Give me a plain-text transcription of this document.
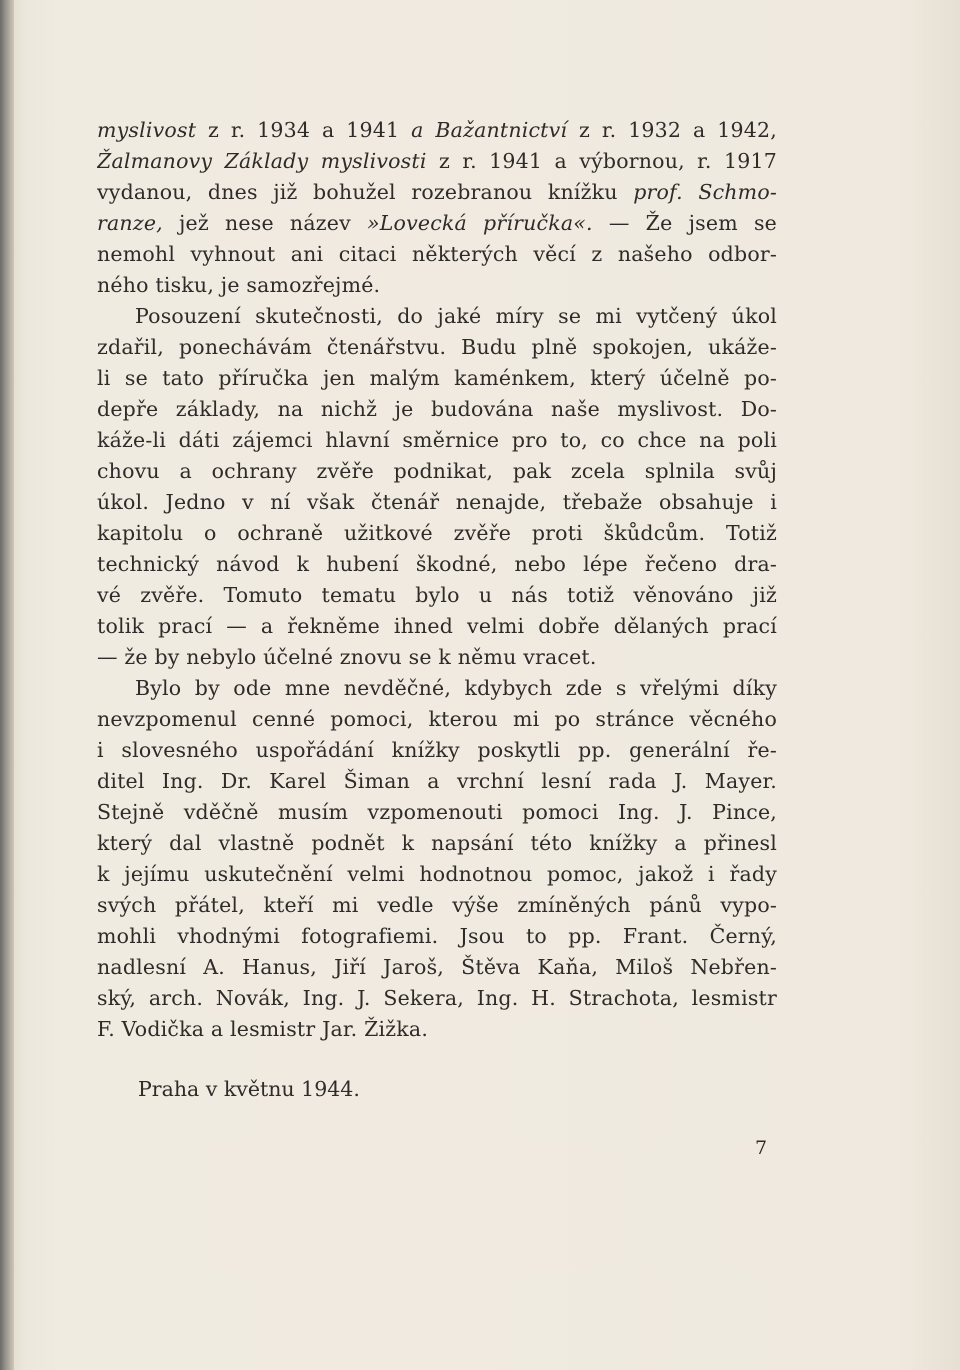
myslivost z r. 1934 a 1941 a Bažantnictví z r. 1932 a 1942,
Žalmanovy Základy myslivosti z r. 1941 a výbornou, r. 1917
vydanou, dnes již bohužel rozebranou knížku prof. Schmo-
ranze, jež nese název »Lovecká příručka«. — Že jsem se
nemohl vyhnout ani citaci některých věcí z našeho odbor-
ného tisku, je samozřejmé.
Posouzení skutečnosti, do jaké míry se mi vytčený úkol
zdařil, ponechávám čtenářstvu. Budu plně spokojen, ukáže-
li se tato příručka jen malým kaménkem, který účelně po-
depře základy, na nichž je budována naše myslivost. Do-
káže-li dáti zájemci hlavní směrnice pro to, co chce na poli
chovu a ochrany zvěře podnikat, pak zcela splnila svůj
úkol. Jedno v ní však čtenář nenajde, třebaže obsahuje i
kapitolu o ochraně užitkové zvěře proti škůdcům. Totiž
technický návod k hubení škodné, nebo lépe řečeno dra-
vé zvěře. Tomuto tematu bylo u nás totiž věnováno již
tolik prací — a řekněme ihned velmi dobře dělaných prací
— že by nebylo účelné znovu se k němu vracet.
Bylo by ode mne nevděčné, kdybych zde s vřelými díky
nevzpomenul cenné pomoci, kterou mi po stránce věcného
i slovesného uspořádání knížky poskytli pp. generální ře-
ditel Ing. Dr. Karel Šiman a vrchní lesní rada J. Mayer.
Stejně vděčně musím vzpomenouti pomoci Ing. J. Pince,
který dal vlastně podnět k napsání této knížky a přinesl
k jejímu uskutečnění velmi hodnotnou pomoc, jakož i řady
svých přátel, kteří mi vedle výše zmíněných pánů vypo-
mohli vhodnými fotografiemi. Jsou to pp. Frant. Černý,
nadlesní A. Hanus, Jiří Jaroš, Štěva Kaňa, Miloš Nebřen-
ský, arch. Novák, Ing. J. Sekera, Ing. H. Strachota, lesmistr
F. Vodička a lesmistr Jar. Žižka.
Praha v květnu 1944.
7
